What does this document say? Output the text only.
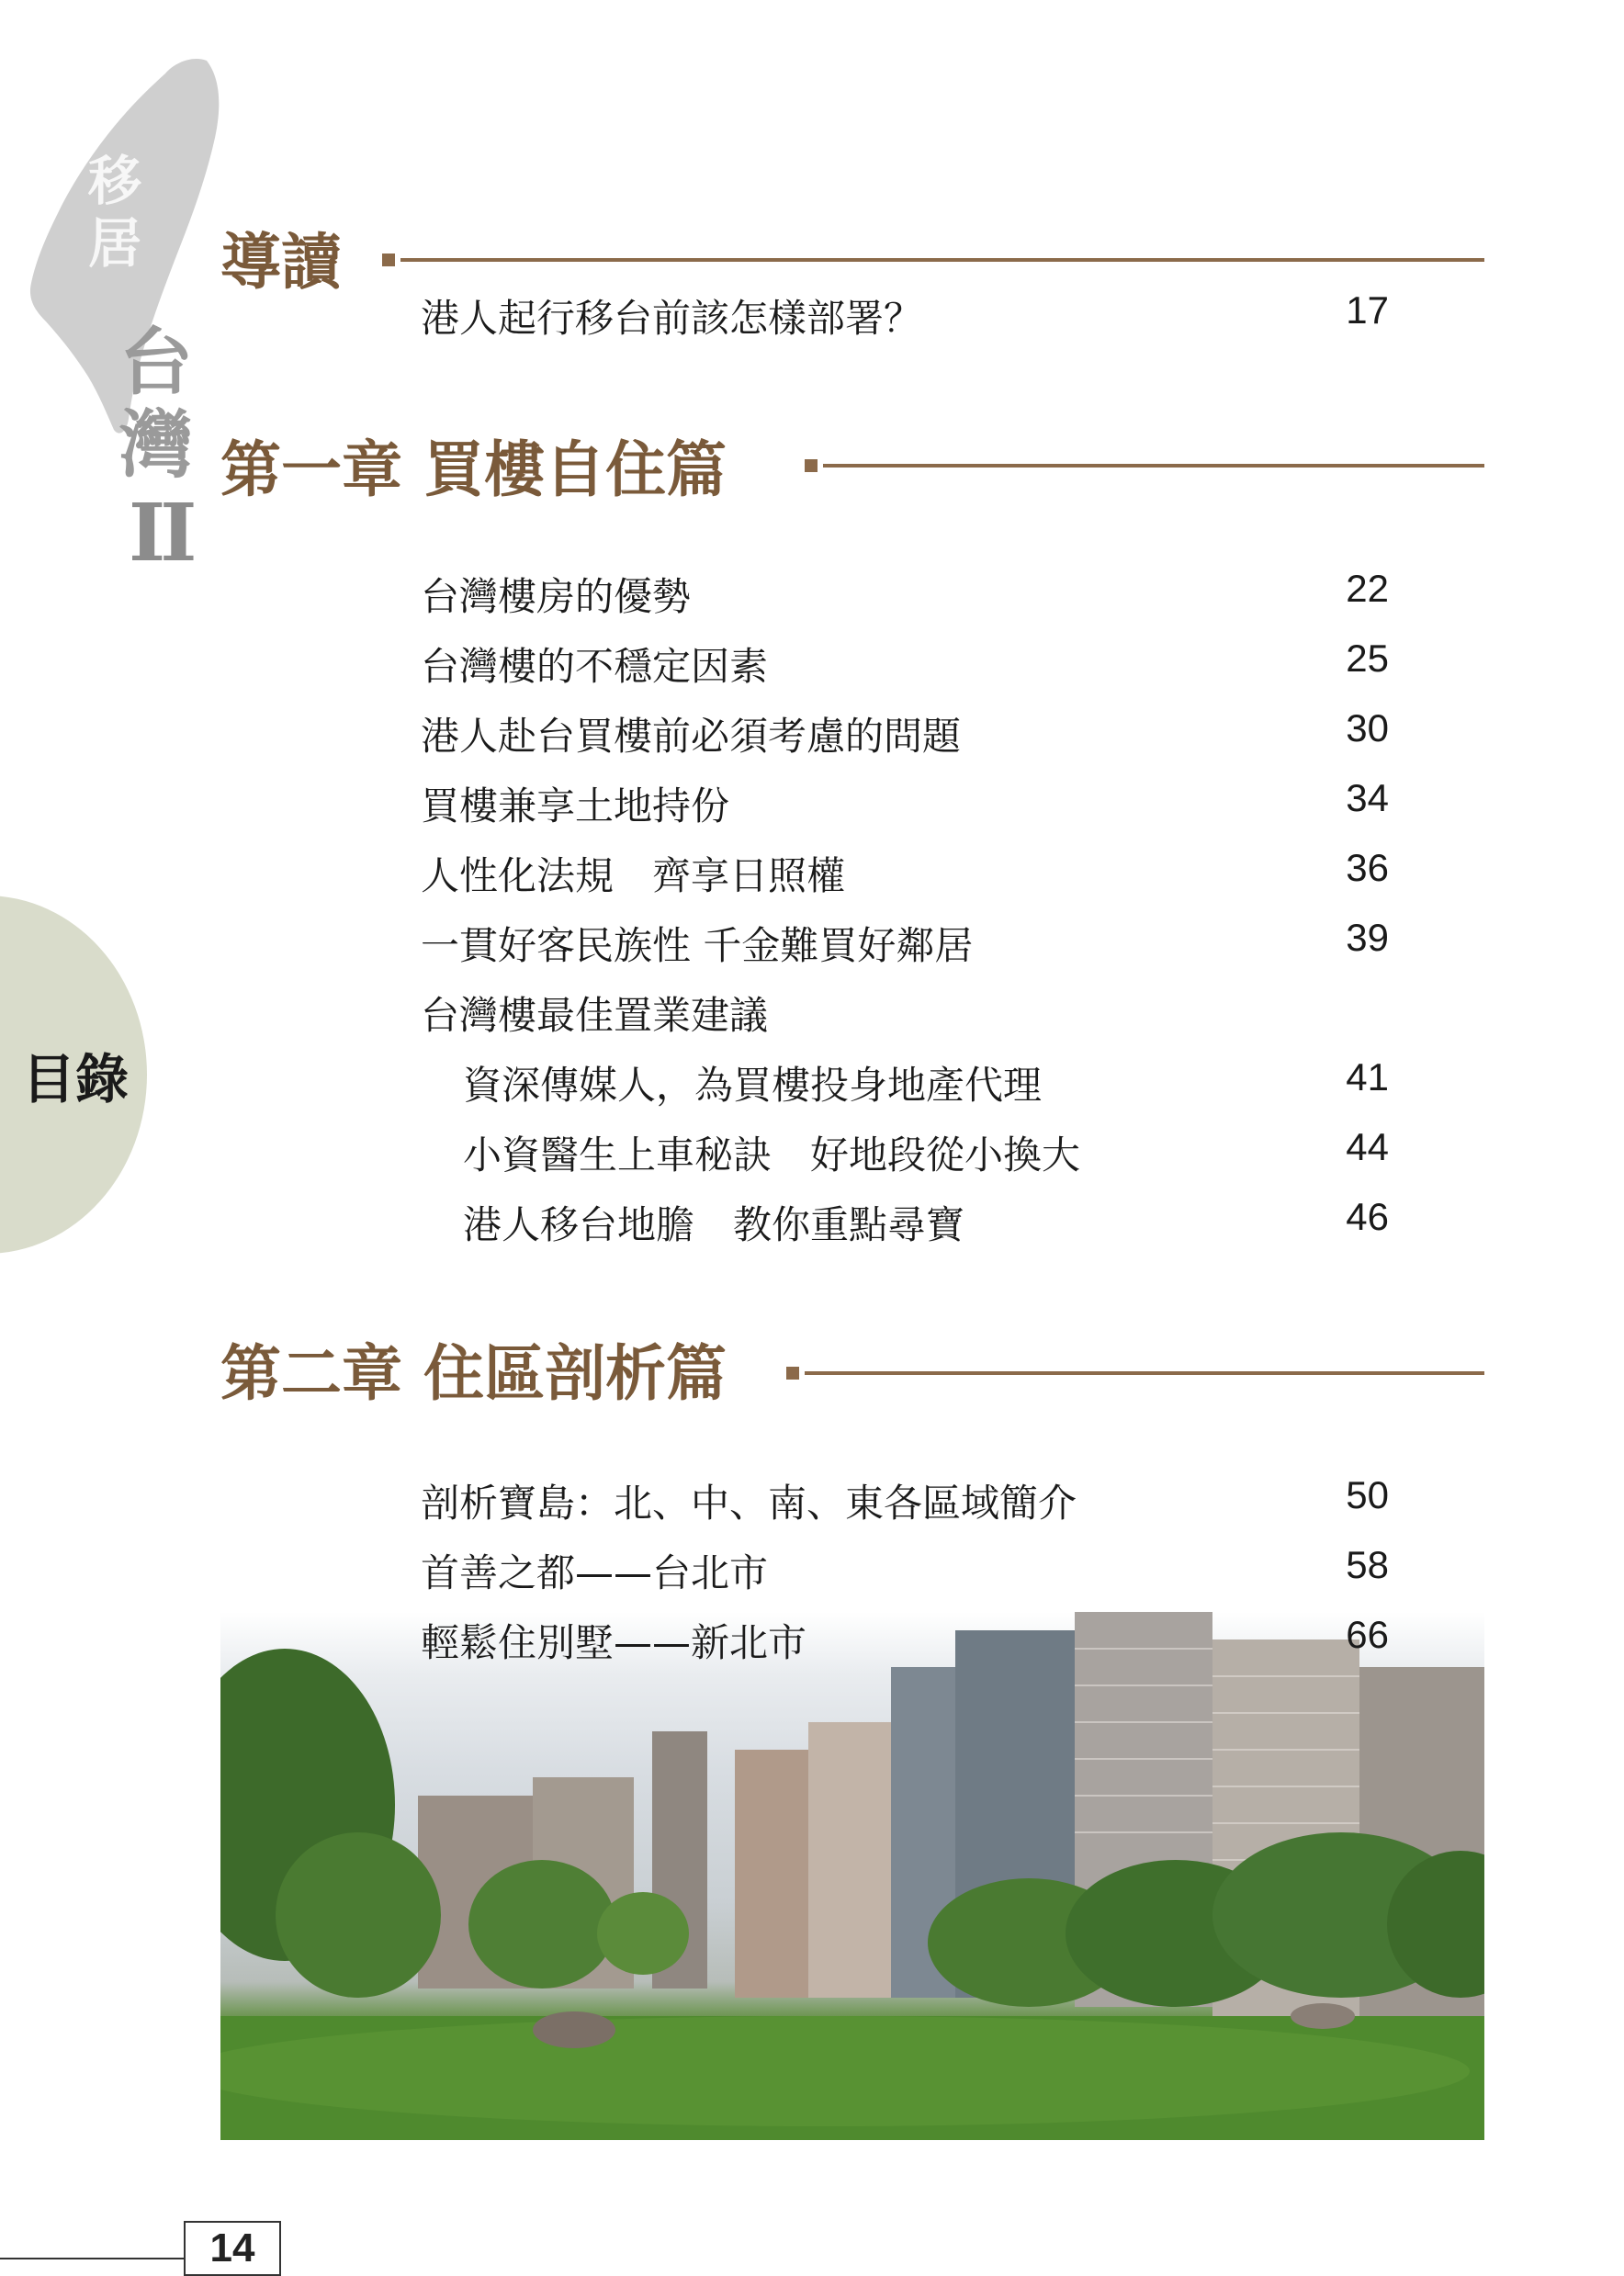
移
居
台
灣
II
目錄
導讀
港人起行移台前該怎樣部署？	17
第一章 買樓自住篇
台灣樓房的優勢	22
台灣樓的不穩定因素	25
港人赴台買樓前必須考慮的問題	30
買樓兼享土地持份	34
人性化法規　齊享日照權	36
一貫好客民族性 千金難買好鄰居	39
台灣樓最佳置業建議
資深傳媒人，為買樓投身地產代理	41
小資醫生上車秘訣　好地段從小換大	44
港人移台地膽　教你重點尋寶	46
第二章 住區剖析篇
剖析寶島：北、中、南、東各區域簡介	50
首善之都——台北市	58
輕鬆住別墅——新北市	66
14
